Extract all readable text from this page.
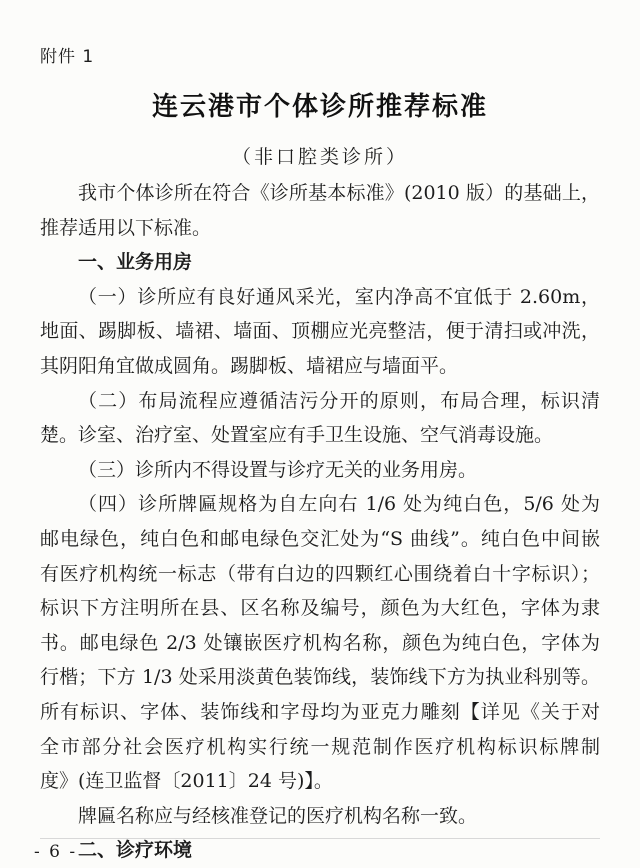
附件 1
连云港市个体诊所推荐标准
（非口腔类诊所）
我市个体诊所在符合《诊所基本标准》(2010 版）的基础上，
推荐适用以下标准。
一、业务用房
（一）诊所应有良好通风采光，室内净高不宜低于 2.60m，
地面、踢脚板、墙裙、墙面、顶棚应光亮整洁，便于清扫或冲洗，
其阴阳角宜做成圆角。踢脚板、墙裙应与墙面平。
（二）布局流程应遵循洁污分开的原则，布局合理，标识清
楚。诊室、治疗室、处置室应有手卫生设施、空气消毒设施。
（三）诊所内不得设置与诊疗无关的业务用房。
（四）诊所牌匾规格为自左向右 1/6 处为纯白色，5/6 处为
邮电绿色，纯白色和邮电绿色交汇处为“S 曲线”。纯白色中间嵌
有医疗机构统一标志（带有白边的四颗红心围绕着白十字标识）；
标识下方注明所在县、区名称及编号，颜色为大红色，字体为隶
书。邮电绿色 2/3 处镶嵌医疗机构名称，颜色为纯白色，字体为
行楷；下方 1/3 处采用淡黄色装饰线，装饰线下方为执业科别等。
所有标识、字体、装饰线和字母均为亚克力雕刻【详见《关于对
全市部分社会医疗机构实行统一规范制作医疗机构标识标牌制
度》(连卫监督〔2011〕24 号)】。
牌匾名称应与经核准登记的医疗机构名称一致。
二、诊疗环境
- 6 -
